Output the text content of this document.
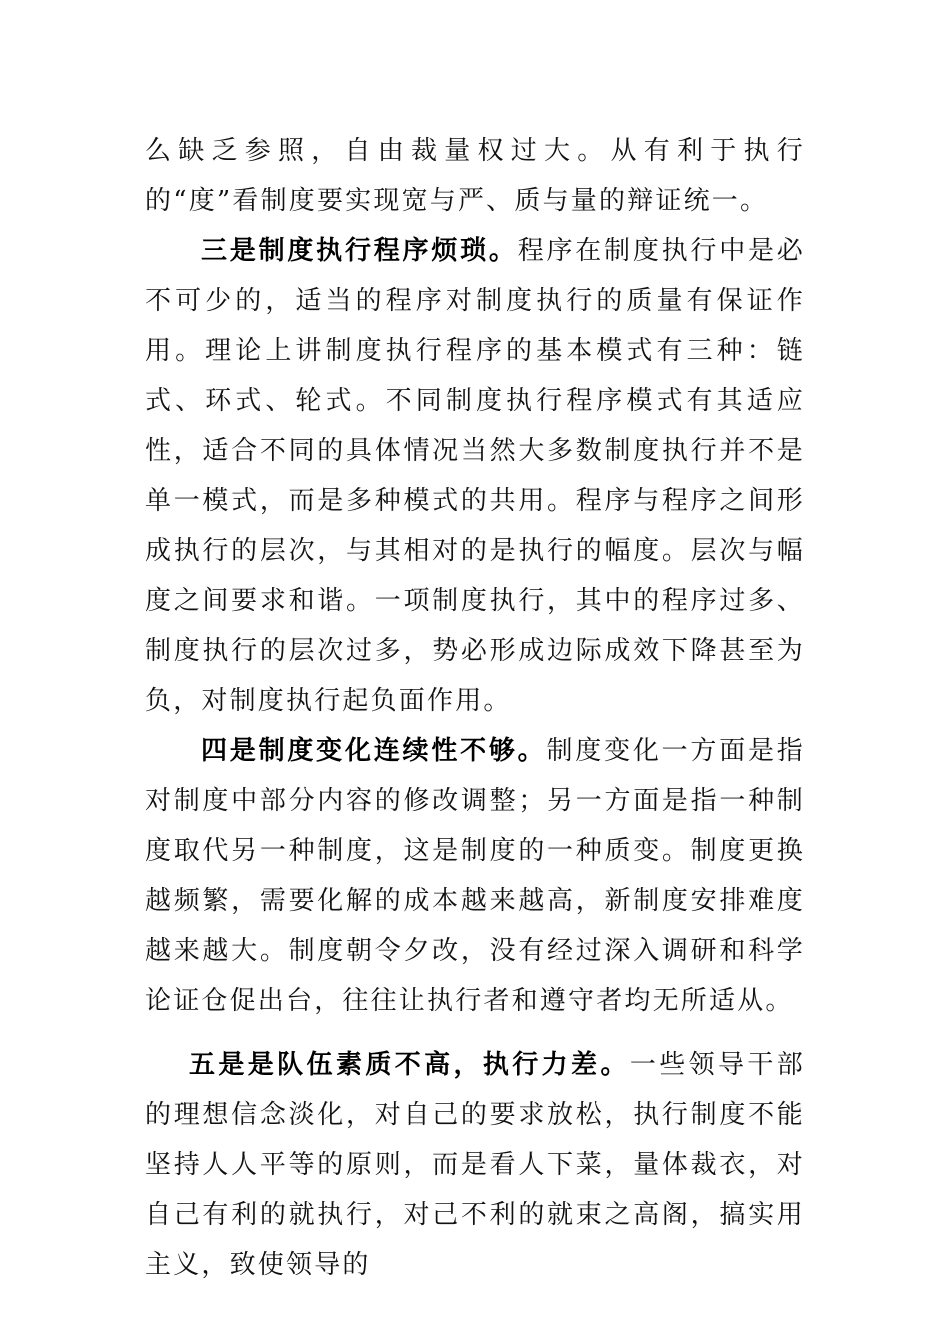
么缺乏参照，自由裁量权过大。从有利于执行的“度”看制度要实现宽与严、质与量的辩证统一。

三是制度执行程序烦琐。程序在制度执行中是必不可少的，适当的程序对制度执行的质量有保证作用。理论上讲制度执行程序的基本模式有三种：链式、环式、轮式。不同制度执行程序模式有其适应性，适合不同的具体情况当然大多数制度执行并不是单一模式，而是多种模式的共用。程序与程序之间形成执行的层次，与其相对的是执行的幅度。层次与幅度之间要求和谐。一项制度执行，其中的程序过多、制度执行的层次过多，势必形成边际成效下降甚至为负，对制度执行起负面作用。

四是制度变化连续性不够。制度变化一方面是指对制度中部分内容的修改调整；另一方面是指一种制度取代另一种制度，这是制度的一种质变。制度更换越频繁，需要化解的成本越来越高，新制度安排难度越来越大。制度朝令夕改，没有经过深入调研和科学论证仓促出台，往往让执行者和遵守者均无所适从。

五是是队伍素质不高，执行力差。一些领导干部的理想信念淡化，对自己的要求放松，执行制度不能坚持人人平等的原则，而是看人下菜，量体裁衣，对自己有利的就执行，对己不利的就束之高阁，搞实用主义，致使领导的
